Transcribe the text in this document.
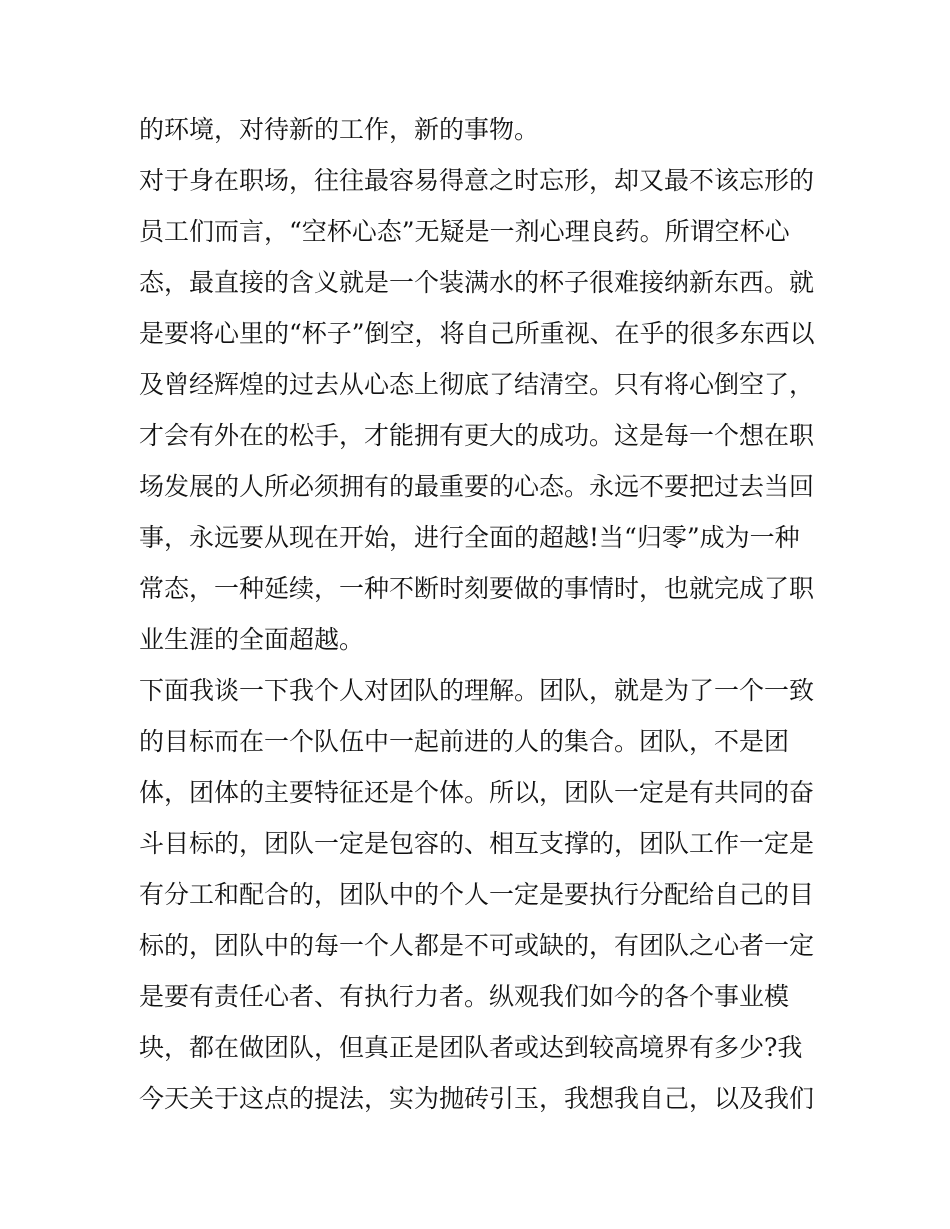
的环境，对待新的工作，新的事物。
对于身在职场，往往最容易得意之时忘形，却又最不该忘形的
员工们而言，“空杯心态”无疑是一剂心理良药。所谓空杯心
态，最直接的含义就是一个装满水的杯子很难接纳新东西。就
是要将心里的“杯子”倒空，将自己所重视、在乎的很多东西以
及曾经辉煌的过去从心态上彻底了结清空。只有将心倒空了，
才会有外在的松手，才能拥有更大的成功。这是每一个想在职
场发展的人所必须拥有的最重要的心态。永远不要把过去当回
事，永远要从现在开始，进行全面的超越!当“归零”成为一种
常态，一种延续，一种不断时刻要做的事情时，也就完成了职
业生涯的全面超越。
下面我谈一下我个人对团队的理解。团队，就是为了一个一致
的目标而在一个队伍中一起前进的人的集合。团队，不是团
体，团体的主要特征还是个体。所以，团队一定是有共同的奋
斗目标的，团队一定是包容的、相互支撑的，团队工作一定是
有分工和配合的，团队中的个人一定是要执行分配给自己的目
标的，团队中的每一个人都是不可或缺的，有团队之心者一定
是要有责任心者、有执行力者。纵观我们如今的各个事业模
块，都在做团队，但真正是团队者或达到较高境界有多少?我
今天关于这点的提法，实为抛砖引玉，我想我自己，以及我们
